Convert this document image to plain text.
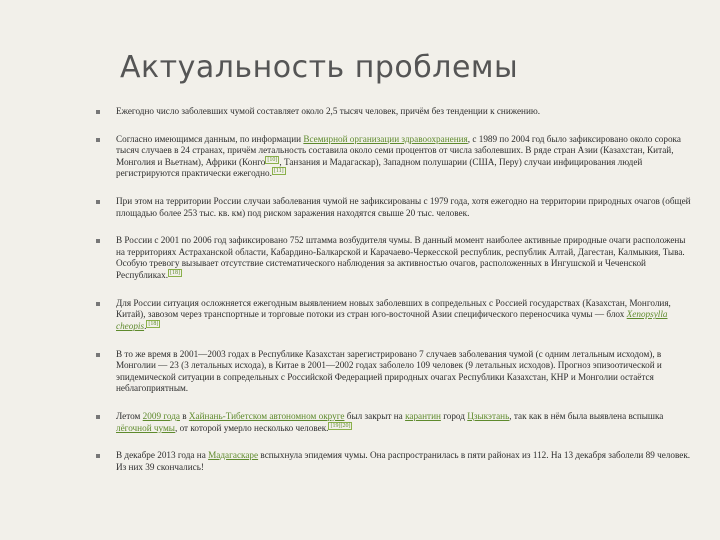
Актуальность проблемы
Ежегодно число заболевших чумой составляет около 2,5 тысяч человек, причём без тенденции к снижению.
Согласно имеющимся данным, по информации Всемирной организации здравоохранения, с 1989 по 2004 год было зафиксировано около сорока тысяч случаев в 24 странах, причём летальность составила около семи процентов от числа заболевших. В ряде стран Азии (Казахстан, Китай, Монголия и Вьетнам), Африки (Конго [10] , Танзания и Мадагаскар), Западном полушарии (США, Перу) случаи инфицирования людей регистрируются практически ежегодно. [11]
При этом на территории России случаи заболевания чумой не зафиксированы с 1979 года, хотя ежегодно на территории природных очагов (общей площадью более 253 тыс. кв. км) под риском заражения находятся свыше 20 тыс. человек.
В России с 2001 по 2006 год зафиксировано 752 штамма возбудителя чумы. В данный момент наиболее активные природные очаги расположены на территориях Астраханской области, Кабардино-Балкарской и Карачаево-Черкесской республик, республик Алтай, Дагестан, Калмыкия, Тыва. Особую тревогу вызывает отсутствие систематического наблюдения за активностью очагов, расположенных в Ингушской и Чеченской Республиках. [18]
Для России ситуация осложняется ежегодным выявлением новых заболевших в сопредельных с Россией государствах (Казахстан, Монголия, Китай), завозом через транспортные и торговые потоки из стран юго-восточной Азии специфического переносчика чумы — блох Xenopsylla cheopis. [18]
В то же время в 2001—2003 годах в Республике Казахстан зарегистрировано 7 случаев заболевания чумой (с одним летальным исходом), в Монголии — 23 (3 летальных исхода), в Китае в 2001—2002 годах заболело 109 человек (9 летальных исходов). Прогноз эпизоотической и эпидемической ситуации в сопредельных с Российской Федерацией природных очагах Республики Казахстан, КНР и Монголии остаётся неблагоприятным.
Летом 2009 года в Хайнань-Тибетском автономном округе был закрыт на карантин город Цзыкэтань, так как в нём была выявлена вспышка лёгочной чумы, от которой умерло несколько человек. [19][20]
В декабре 2013 года на Мадагаскаре вспыхнула эпидемия чумы. Она распространилась в пяти районах из 112. На 13 декабря заболели 89 человек. Из них 39 скончались!
